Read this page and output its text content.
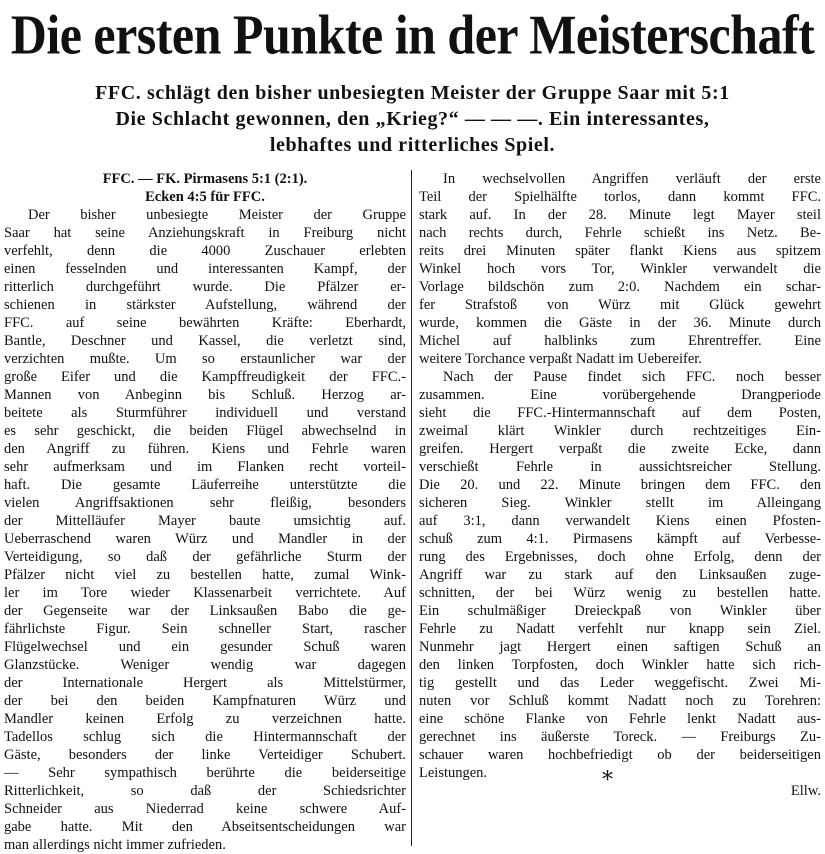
Die ersten Punkte in der Meisterschaft
FFC. schlägt den bisher unbesiegten Meister der Gruppe Saar mit 5:1
Die Schlacht gewonnen, den „Krieg?“ — — —. Ein interessantes,
lebhaftes und ritterliches Spiel.
FFC. — FK. Pirmasens 5:1 (2:1).
Ecken 4:5 für FFC.
Der bisher unbesiegte Meister der Gruppe
Saar hat seine Anziehungskraft in Freiburg nicht
verfehlt, denn die 4000 Zuschauer erlebten
einen fesselnden und interessanten Kampf, der
ritterlich durchgeführt wurde. Die Pfälzer er-
schienen in stärkster Aufstellung, während der
FFC. auf seine bewährten Kräfte: Eberhardt,
Bantle, Deschner und Kassel, die verletzt sind,
verzichten mußte. Um so erstaunlicher war der
große Eifer und die Kampffreudigkeit der FFC.-
Mannen von Anbeginn bis Schluß. Herzog ar-
beitete als Sturmführer individuell und verstand
es sehr geschickt, die beiden Flügel abwechselnd in
den Angriff zu führen. Kiens und Fehrle waren
sehr aufmerksam und im Flanken recht vorteil-
haft. Die gesamte Läuferreihe unterstützte die
vielen Angriffsaktionen sehr fleißig, besonders
der Mittelläufer Mayer baute umsichtig auf.
Ueberraschend waren Würz und Mandler in der
Verteidigung, so daß der gefährliche Sturm der
Pfälzer nicht viel zu bestellen hatte, zumal Wink-
ler im Tore wieder Klassenarbeit verrichtete. Auf
der Gegenseite war der Linksaußen Babo die ge-
fährlichste Figur. Sein schneller Start, rascher
Flügelwechsel und ein gesunder Schuß waren
Glanzstücke. Weniger wendig war dagegen
der Internationale Hergert als Mittelstürmer,
der bei den beiden Kampfnaturen Würz und
Mandler keinen Erfolg zu verzeichnen hatte.
Tadellos schlug sich die Hintermannschaft der
Gäste, besonders der linke Verteidiger Schubert.
— Sehr sympathisch berührte die beiderseitige
Ritterlichkeit, so daß der Schiedsrichter
Schneider aus Niederrad keine schwere Auf-
gabe hatte. Mit den Abseitsentscheidungen war
man allerdings nicht immer zufrieden.
In wechselvollen Angriffen verläuft der erste
Teil der Spielhälfte torlos, dann kommt FFC.
stark auf. In der 28. Minute legt Mayer steil
nach rechts durch, Fehrle schießt ins Netz. Be-
reits drei Minuten später flankt Kiens aus spitzem
Winkel hoch vors Tor, Winkler verwandelt die
Vorlage bildschön zum 2:0. Nachdem ein schar-
fer Strafstoß von Würz mit Glück gewehrt
wurde, kommen die Gäste in der 36. Minute durch
Michel auf halblinks zum Ehrentreffer. Eine
weitere Torchance verpaßt Nadatt im Uebereifer.
Nach der Pause findet sich FFC. noch besser
zusammen. Eine vorübergehende Drangperiode
sieht die FFC.-Hintermannschaft auf dem Posten,
zweimal klärt Winkler durch rechtzeitiges Ein-
greifen. Hergert verpaßt die zweite Ecke, dann
verschießt Fehrle in aussichtsreicher Stellung.
Die 20. und 22. Minute bringen dem FFC. den
sicheren Sieg. Winkler stellt im Alleingang
auf 3:1, dann verwandelt Kiens einen Pfosten-
schuß zum 4:1. Pirmasens kämpft auf Verbesse-
rung des Ergebnisses, doch ohne Erfolg, denn der
Angriff war zu stark auf den Linksaußen zuge-
schnitten, der bei Würz wenig zu bestellen hatte.
Ein schulmäßiger Dreieckpaß von Winkler über
Fehrle zu Nadatt verfehlt nur knapp sein Ziel.
Nunmehr jagt Hergert einen saftigen Schuß an
den linken Torpfosten, doch Winkler hatte sich rich-
tig gestellt und das Leder weggefischt. Zwei Mi-
nuten vor Schluß kommt Nadatt noch zu Torehren:
eine schöne Flanke von Fehrle lenkt Nadatt aus-
gerechnet ins äußerste Toreck. — Freiburgs Zu-
schauer waren hochbefriedigt ob der beiderseitigen
Leistungen.
Ellw.
*
